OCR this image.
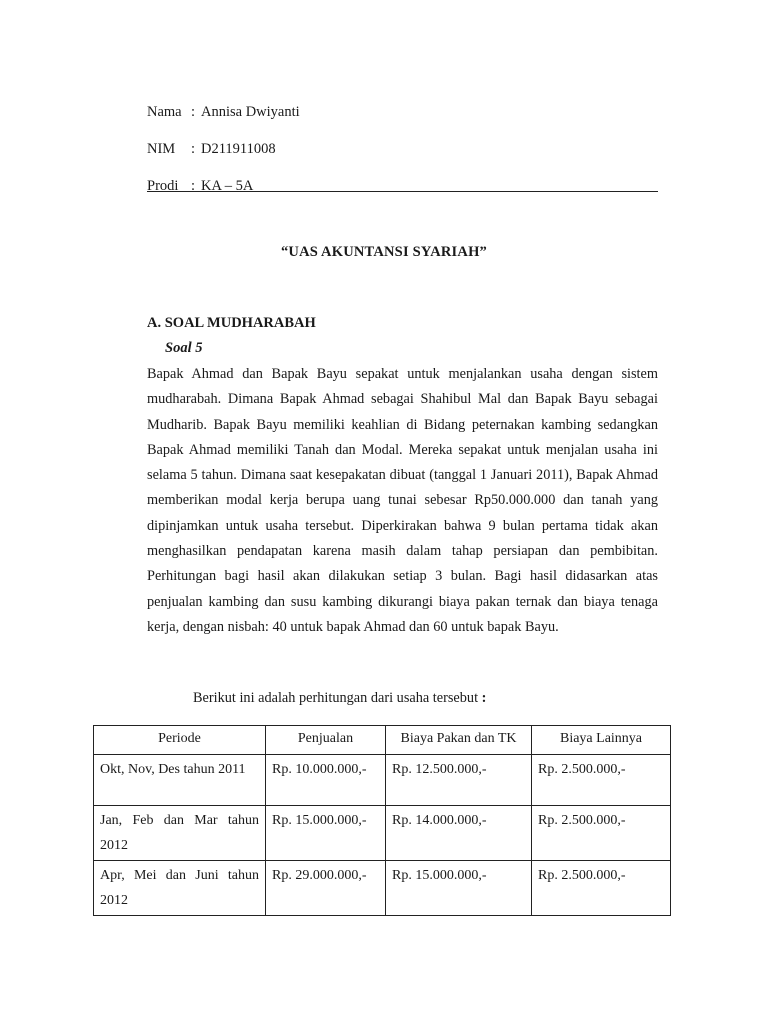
Nama : Annisa Dwiyanti
NIM	: D211911008
Prodi : KA – 5A
“UAS AKUNTANSI SYARIAH”
A. SOAL MUDHARABAH
Soal 5
Bapak Ahmad dan Bapak Bayu sepakat untuk menjalankan usaha dengan sistem mudharabah. Dimana Bapak Ahmad sebagai Shahibul Mal dan Bapak Bayu sebagai Mudharib. Bapak Bayu memiliki keahlian di Bidang peternakan kambing sedangkan Bapak Ahmad memiliki Tanah dan Modal. Mereka sepakat untuk menjalan usaha ini selama 5 tahun. Dimana saat kesepakatan dibuat (tanggal 1 Januari 2011), Bapak Ahmad memberikan modal kerja berupa uang tunai sebesar Rp50.000.000 dan tanah yang dipinjamkan untuk usaha tersebut. Diperkirakan bahwa 9 bulan pertama tidak akan menghasilkan pendapatan karena masih dalam tahap persiapan dan pembibitan. Perhitungan bagi hasil akan dilakukan setiap 3 bulan. Bagi hasil didasarkan atas penjualan kambing dan susu kambing dikurangi biaya pakan ternak dan biaya tenaga kerja, dengan nisbah: 40 untuk bapak Ahmad dan 60 untuk bapak Bayu.
Berikut ini adalah perhitungan dari usaha tersebut :
Periode	Penjualan	Biaya Pakan dan TK	Biaya Lainnya
Okt, Nov, Des tahun 2011	Rp. 10.000.000,-	Rp. 12.500.000,-	Rp. 2.500.000,-
Jan, Feb dan Mar tahun 2012	Rp. 15.000.000,-	Rp. 14.000.000,-	Rp. 2.500.000,-
Apr, Mei dan Juni tahun 2012	Rp. 29.000.000,-	Rp. 15.000.000,-	Rp. 2.500.000,-
